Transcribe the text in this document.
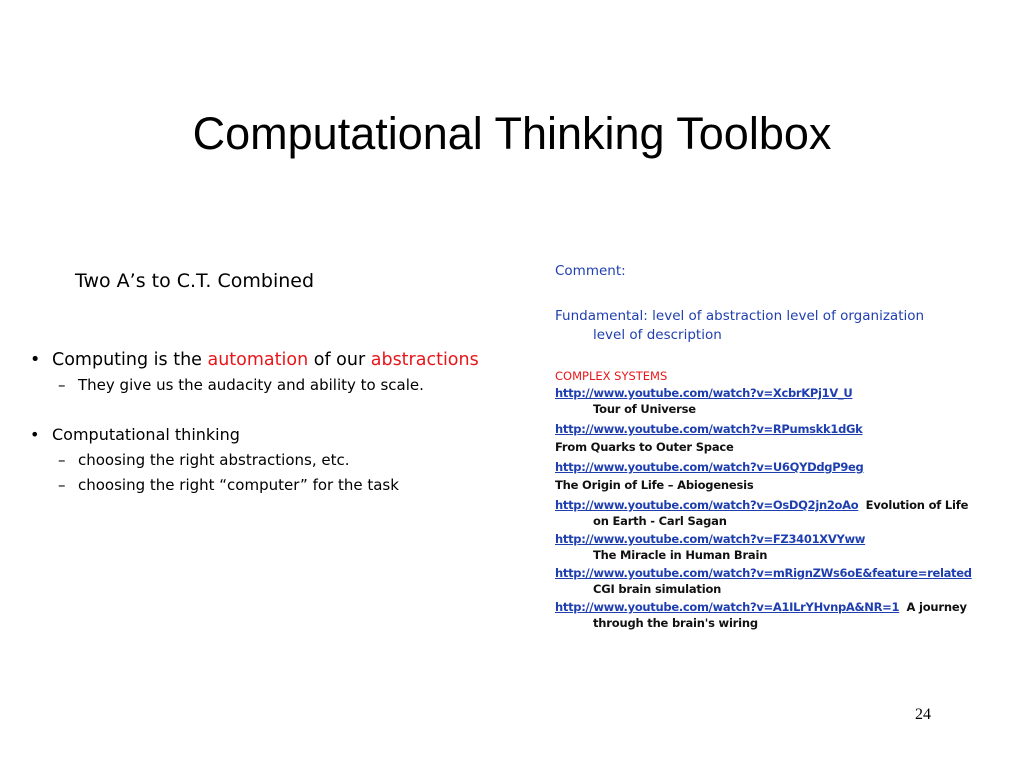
Computational Thinking Toolbox
Two A’s to C.T. Combined
• Computing is the automation of our abstractions
– They give us the audacity and ability to scale.
• Computational thinking
– choosing the right abstractions, etc.
– choosing the right “computer” for the task
Comment:
Fundamental: level of abstraction level of organization
level of description
COMPLEX SYSTEMS
http://www.youtube.com/watch?v=XcbrKPj1V_U
Tour of Universe
http://www.youtube.com/watch?v=RPumskk1dGk
From Quarks to Outer Space
http://www.youtube.com/watch?v=U6QYDdgP9eg
The Origin of Life – Abiogenesis
http://www.youtube.com/watch?v=OsDQ2jn2oAo Evolution of Life
on Earth - Carl Sagan
http://www.youtube.com/watch?v=FZ3401XVYww
The Miracle in Human Brain
http://www.youtube.com/watch?v=mRignZWs6oE&feature=related
CGI brain simulation
http://www.youtube.com/watch?v=A1ILrYHvnpA&NR=1 A journey
through the brain's wiring
24
